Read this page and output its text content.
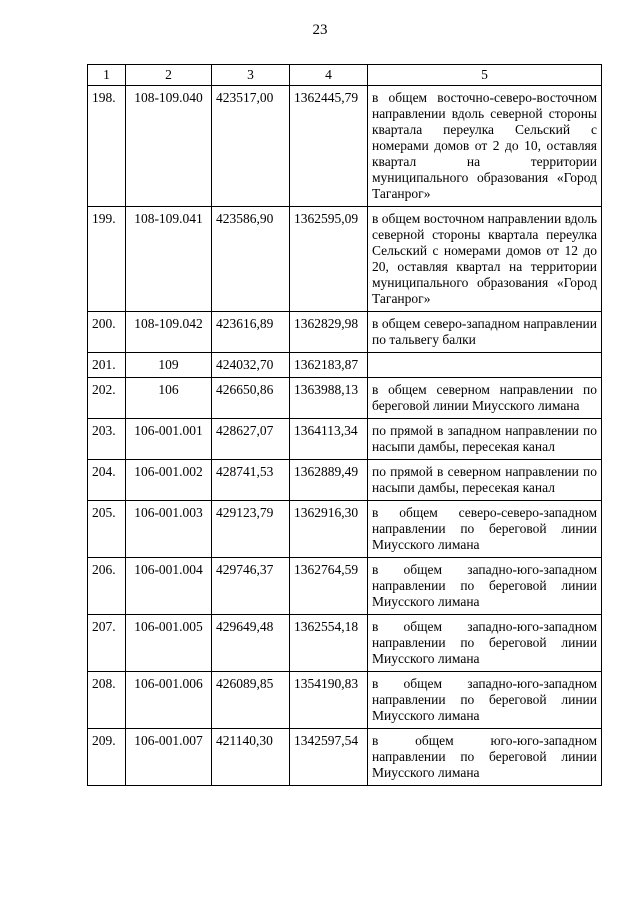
23
1	2	3	4	5
198.	108-109.040	423517,00	1362445,79	в общем восточно-северо-восточном направлении вдоль северной стороны квартала переулка Сельский с номерами домов от 2 до 10, оставляя квартал на территории муниципального образования «Город Таганрог»
199.	108-109.041	423586,90	1362595,09	в общем восточном направлении вдоль северной стороны квартала переулка Сельский с номерами домов от 12 до 20, оставляя квартал на территории муниципального образования «Город Таганрог»
200.	108-109.042	423616,89	1362829,98	в общем северо-западном направлении по тальвегу балки
201.	109	424032,70	1362183,87	
202.	106	426650,86	1363988,13	в общем северном направлении по береговой линии Миусского лимана
203.	106-001.001	428627,07	1364113,34	по прямой в западном направлении по насыпи дамбы, пересекая канал
204.	106-001.002	428741,53	1362889,49	по прямой в северном направлении по насыпи дамбы, пересекая канал
205.	106-001.003	429123,79	1362916,30	в общем северо-северо-западном направлении по береговой линии Миусского лимана
206.	106-001.004	429746,37	1362764,59	в общем западно-юго-западном направлении по береговой линии Миусского лимана
207.	106-001.005	429649,48	1362554,18	в общем западно-юго-западном направлении по береговой линии Миусского лимана
208.	106-001.006	426089,85	1354190,83	в общем западно-юго-западном направлении по береговой линии Миусского лимана
209.	106-001.007	421140,30	1342597,54	в общем юго-юго-западном направлении по береговой линии Миусского лимана
